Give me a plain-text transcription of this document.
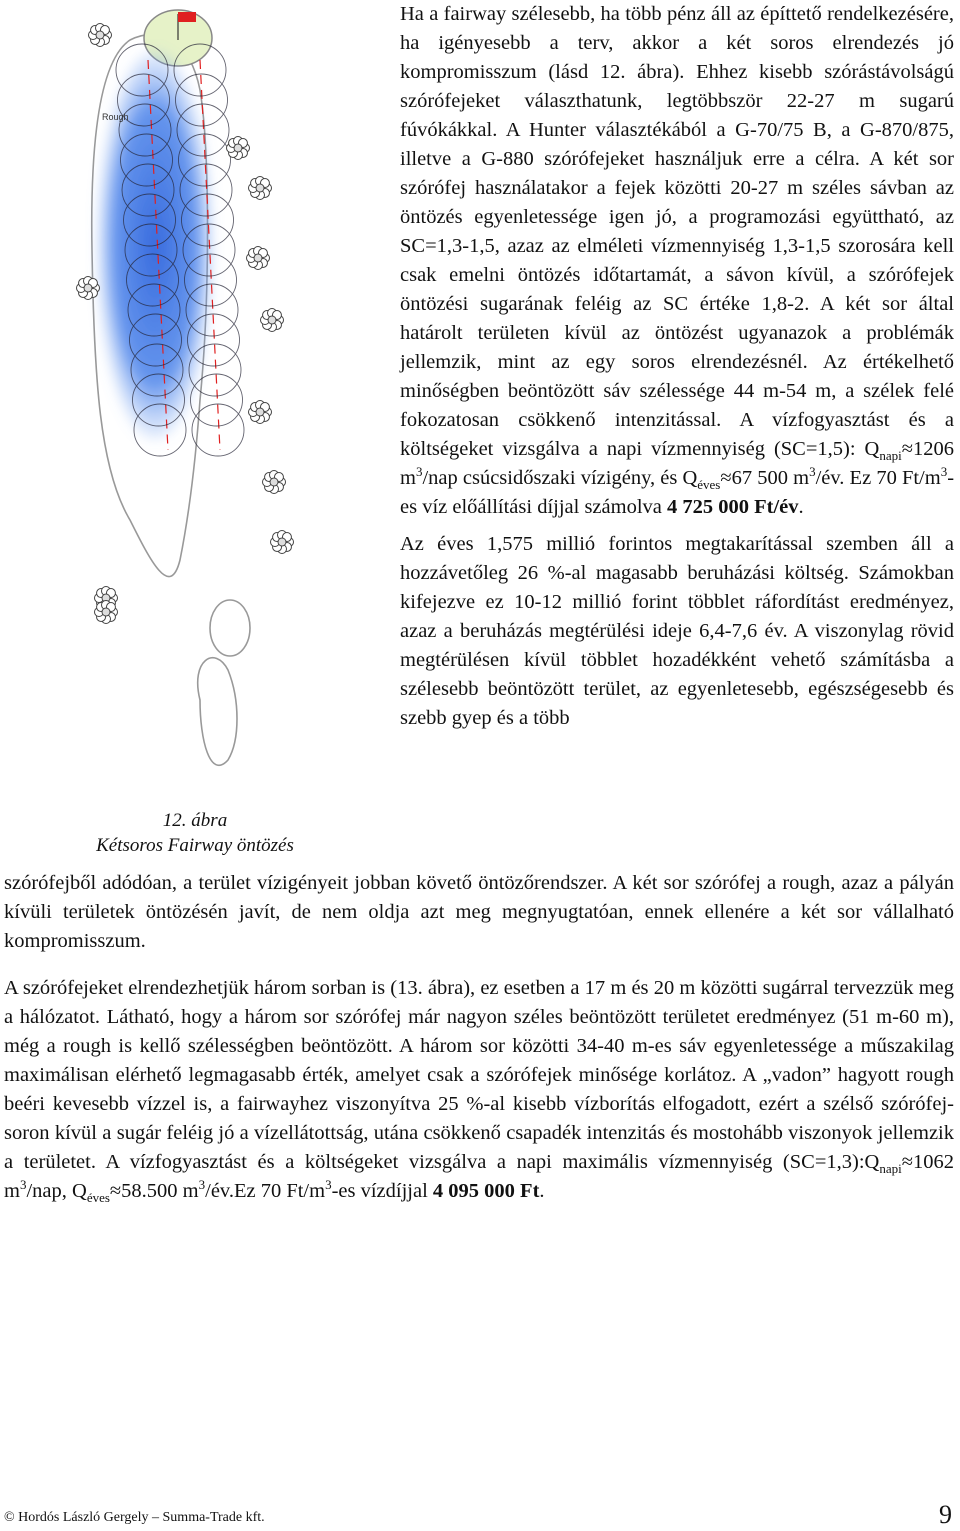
Rough
12. ábra
Kétsoros Fairway öntözés

Ha a fairway szélesebb, ha több pénz áll az építtető rendelkezésére, ha igényesebb a terv, akkor a két soros elrendezés jó kompromisszum (lásd 12. ábra). Ehhez kisebb szórástávolságú szórófejeket választhatunk, legtöbbször 22-27 m sugarú fúvókákkal. A Hunter választékából a G-70/75 B, a G-870/875, illetve a G-880 szórófejeket használjuk erre a célra. A két sor szórófej használatakor a fejek közötti 20-27 m széles sávban az öntözés egyenletessége igen jó, a programozási együttható, az SC=1,3-1,5, azaz az elméleti vízmennyiség 1,3-1,5 szorosára kell csak emelni öntözés időtartamát, a sávon kívül, a szórófejek öntözési sugarának feléig az SC értéke 1,8-2. A két sor által határolt területen kívül az öntözést ugyanazok a problémák jellemzik, mint az egy soros elrendezésnél. Az értékelhető minőségben beöntözött sáv szélessége 44 m-54 m, a szélek felé fokozatosan csökkenő intenzitással. A vízfogyasztást és a költségeket vizsgálva a napi vízmennyiség (SC=1,5): $Q_{napi}\approx 1206$ $m^3$/nap csúcsidőszaki vízigény, és $Q_{éves}\approx 67$ 500 $m^3/év$. Ez 70 $Ft/m^3-es$ víz előállítási díjjal számolva 4 725 000 Ft/év.

Az éves 1,575 millió forintos megtakarítással szemben áll a hozzávetőleg 26 %-al magasabb beruházási költség. Számokban kifejezve ez 10-12 millió forint többlet ráfordítást eredményez, azaz a beruházás megtérülési ideje 6,4-7,6 év. A viszonylag rövid megtérülésen kívül többlet hozadékként vehető számításba a szélesebb beöntözött terület, az egyenletesebb, egészségesebb és szebb gyep és a több

szórófejből adódóan, a terület vízigényeit jobban követő öntözőrendszer. A két sor szórófej a rough, azaz a pályán kívüli területek öntözésén javít, de nem oldja azt meg megnyugtatóan, ennek ellenére a két sor vállalható kompromisszum.

A szórófejeket elrendezhetjük három sorban is (13. ábra), ez esetben a 17 m és 20 m közötti sugárral tervezzük meg a hálózatot. Látható, hogy a három sor szórófej már nagyon széles beöntözött területet eredményez (51 m-60 m), még a rough is kellő szélességben beöntözött. A három sor közötti 34-40 m-es sáv egyenletessége a műszakilag maximálisan elérhető legmagasabb érték, amelyet csak a szórófejek minősége korlátoz. A „vadon” hagyott rough beéri kevesebb vízzel is, a fairwayhez viszonyítva 25 %-al kisebb vízborítás elfogadott, ezért a szélső szórófej-soron kívül a sugár feléig jó a vízellátottság, utána csökkenő csapadék intenzitás és mostohább viszonyok jellemzik a területet. A vízfogyasztást és a költségeket vizsgálva a napi maximális vízmennyiség $(SC=1,3):Q_{napi}\approx 1062$ $m^3$/nap, $Q_{éves}\approx 58.500$ $m^3/év.Ez$ 70 $Ft/m^3-es$ vízdíjjal 4 095 000 Ft.

© Hordós László Gergely – Summa-Trade kft.	9
